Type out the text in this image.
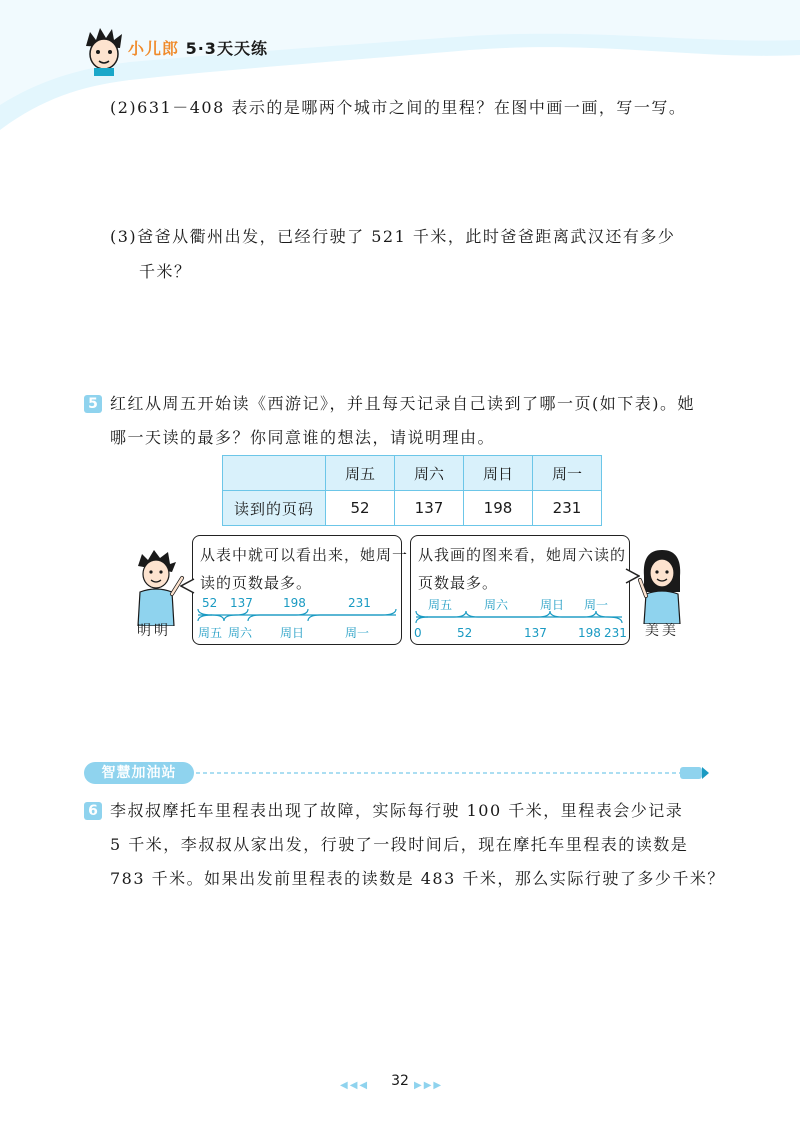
小儿郎 5·3天天练
(2)631－408 表示的是哪两个城市之间的里程？在图中画一画，写一写。
(3)爸爸从衢州出发，已经行驶了 521 千米，此时爸爸距离武汉还有多少
千米？
5 红红从周五开始读《西游记》，并且每天记录自己读到了哪一页(如下表)。她
哪一天读的最多？你同意谁的想法，请说明理由。
	周五	周六	周日	周一
读到的页码	52	137	198	231
明明
从表中就可以看出来，她周一
读的页数最多。
52 137	198	231
周五 周六 周日	周一
从我画的图来看，她周六读的
页数最多。
周五	周六	周日 周一
0	52	137	198 231 美美
智慧加油站
6 李叔叔摩托车里程表出现了故障，实际每行驶 100 千米，里程表会少记录
5 千米，李叔叔从家出发，行驶了一段时间后，现在摩托车里程表的读数是
783 千米。如果出发前里程表的读数是 483 千米，那么实际行驶了多少千米？
◀◀◀	32 ▶▶▶
